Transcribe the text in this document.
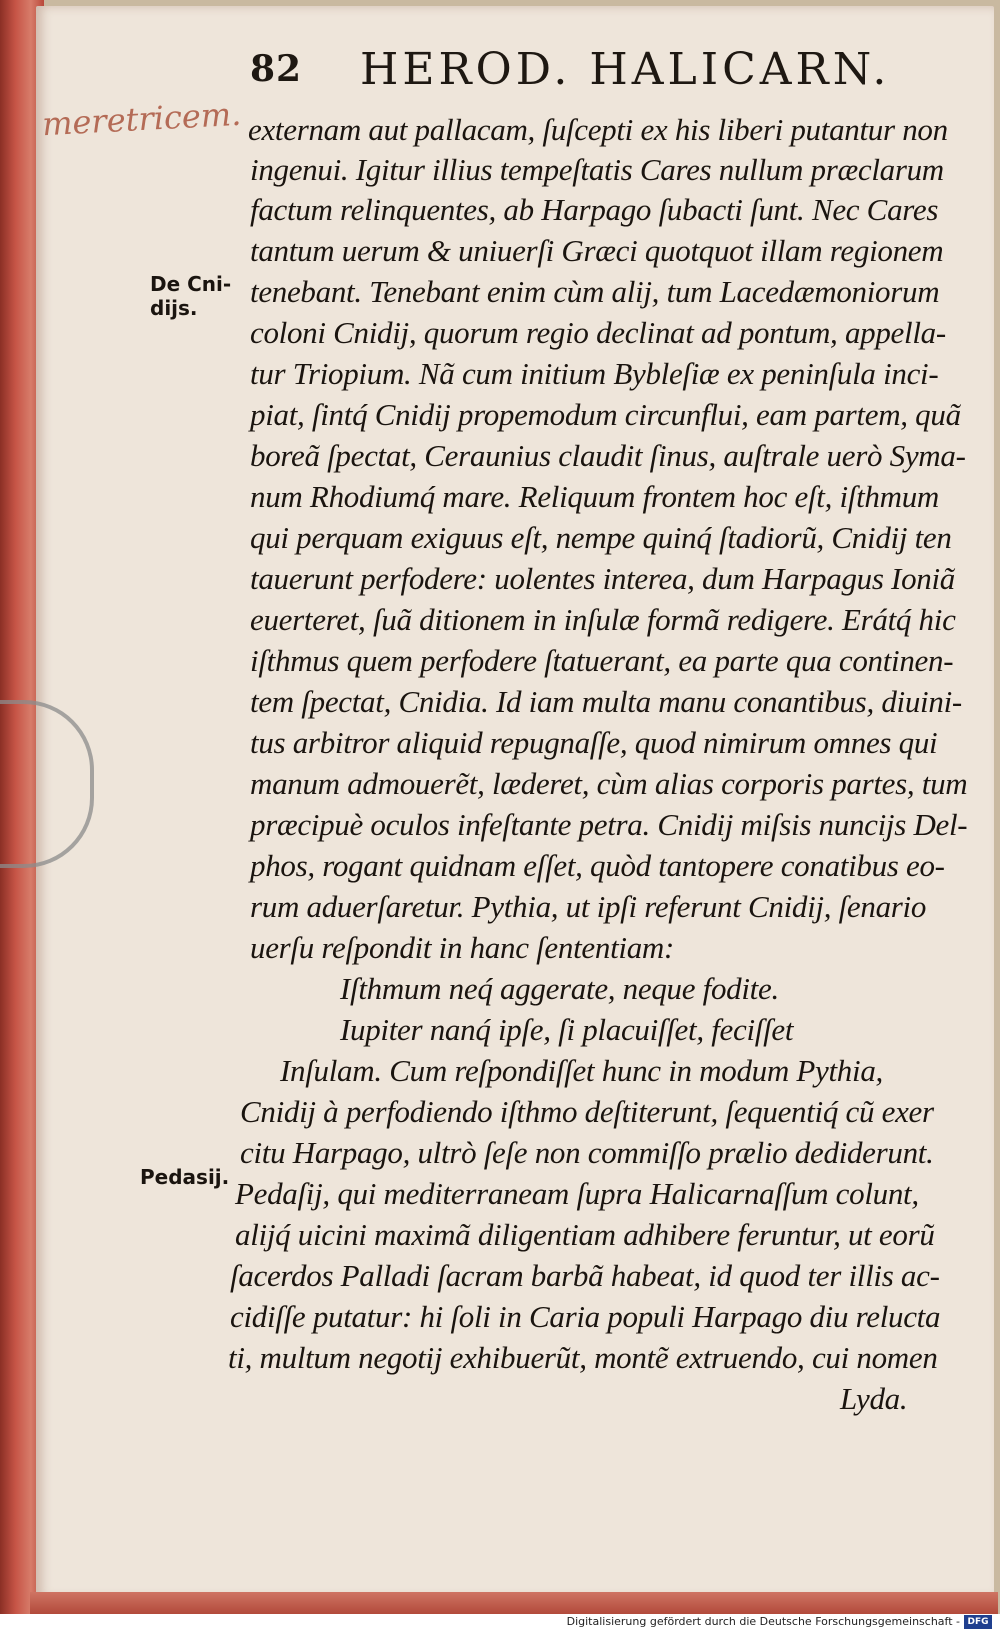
82 HEROD. HALICARN.
meretricem.
De Cni-
dijs.
Pedasij.
externam aut pallacam, ſuſcepti ex his liberi putantur non
ingenui. Igitur illius tempeſtatis Cares nullum præclarum
factum relinquentes, ab Harpago ſubacti ſunt. Nec Cares
tantum uerum & uniuerſi Græci quotquot illam regionem
tenebant. Tenebant enim cùm alij, tum Lacedæmoniorum
coloni Cnidij, quorum regio declinat ad pontum, appella-
tur Triopium. Nã cum initium Bybleſiæ ex peninſula inci-
piat, ſintq́ Cnidij propemodum circunflui, eam partem, quã
boreã ſpectat, Ceraunius claudit ſinus, auſtrale uerò Syma-
num Rhodiumq́ mare. Reliquum frontem hoc eſt, iſthmum
qui perquam exiguus eſt, nempe quinq́ ſtadiorũ, Cnidij ten
tauerunt perfodere: uolentes interea, dum Harpagus Ioniã
euerteret, ſuã ditionem in inſulæ formã redigere. Erátq́ hic
iſthmus quem perfodere ſtatuerant, ea parte qua continen-
tem ſpectat, Cnidia. Id iam multa manu conantibus, diuini-
tus arbitror aliquid repugnaſſe, quod nimirum omnes qui
manum admouerẽt, læderet, cùm alias corporis partes, tum
præcipuè oculos infeſtante petra. Cnidij miſsis nuncijs Del-
phos, rogant quidnam eſſet, quòd tantopere conatibus eo-
rum aduerſaretur. Pythia, ut ipſi referunt Cnidij, ſenario
uerſu reſpondit in hanc ſententiam:
Iſthmum neq́ aggerate, neque fodite.
Iupiter nanq́ ipſe, ſi placuiſſet, feciſſet
Inſulam. Cum reſpondiſſet hunc in modum Pythia,
Cnidij à perfodiendo iſthmo deſtiterunt, ſequentiq́ cũ exer
citu Harpago, ultrò ſeſe non commiſſo prælio dediderunt.
Pedaſij, qui mediterraneam ſupra Halicarnaſſum colunt,
alijq́ uicini maximã diligentiam adhibere feruntur, ut eorũ
ſacerdos Palladi ſacram barbã habeat, id quod ter illis ac-
cidiſſe putatur: hi ſoli in Caria populi Harpago diu relucta
ti, multum negotij exhibuerũt, montẽ extruendo, cui nomen
Lyda.
Digitalisierung gefördert durch die Deutsche Forschungsgemeinschaft - DFG
